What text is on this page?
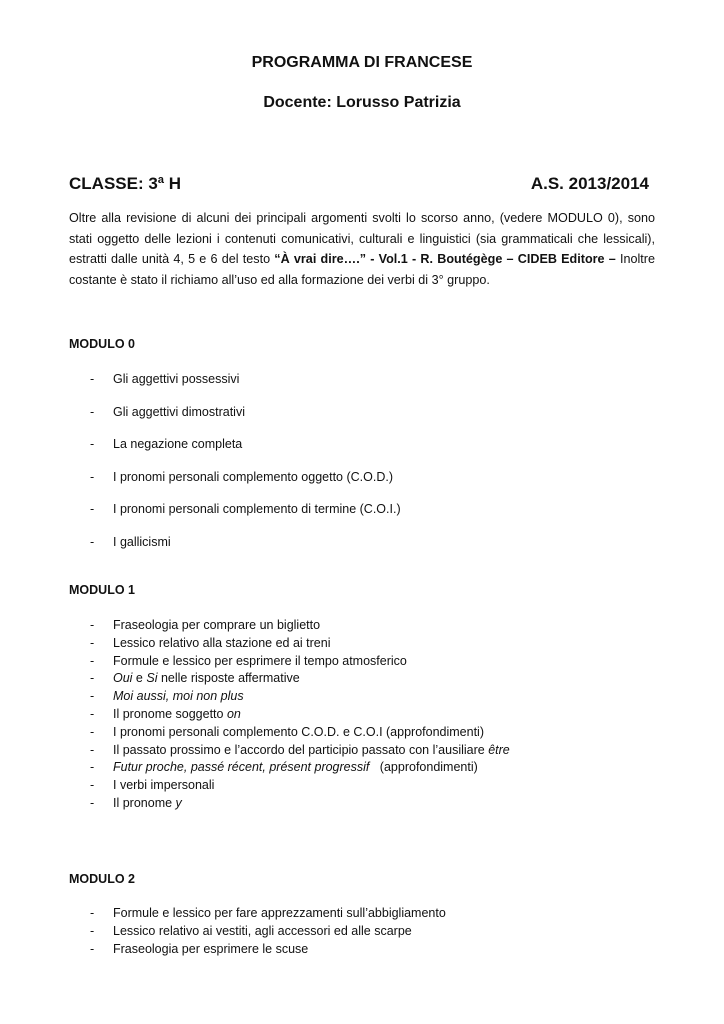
PROGRAMMA DI FRANCESE
Docente: Lorusso Patrizia
CLASSE: 3ª H	A.S. 2013/2014

Oltre alla revisione di alcuni dei principali argomenti svolti lo scorso anno, (vedere MODULO 0), sono stati oggetto delle lezioni i contenuti comunicativi, culturali e linguistici (sia grammaticali che lessicali), estratti dalle unità 4, 5 e 6 del testo “À vrai dire….” - Vol.1 - R. Boutégège – CIDEB Editore – Inoltre costante è stato il richiamo all’uso ed alla formazione dei verbi di 3° gruppo.

MODULO 0
- Gli aggettivi possessivi
- Gli aggettivi dimostrativi
- La negazione completa
- I pronomi personali complemento oggetto (C.O.D.)
- I pronomi personali complemento di termine (C.O.I.)
- I gallicismi
MODULO 1
- Fraseologia per comprare un biglietto
- Lessico relativo alla stazione ed ai treni
- Formule e lessico per esprimere il tempo atmosferico
- Oui e Si nelle risposte affermative
- Moi aussi, moi non plus
- Il pronome soggetto on
- I pronomi personali complemento C.O.D. e C.O.I (approfondimenti)
- Il passato prossimo e l’accordo del participio passato con l’ausiliare être
- Futur proche, passé récent, présent progressif   (approfondimenti)
- I verbi impersonali
- Il pronome y
MODULO 2
- Formule e lessico per fare apprezzamenti sull’abbigliamento
- Lessico relativo ai vestiti, agli accessori ed alle scarpe
- Fraseologia per esprimere le scuse
